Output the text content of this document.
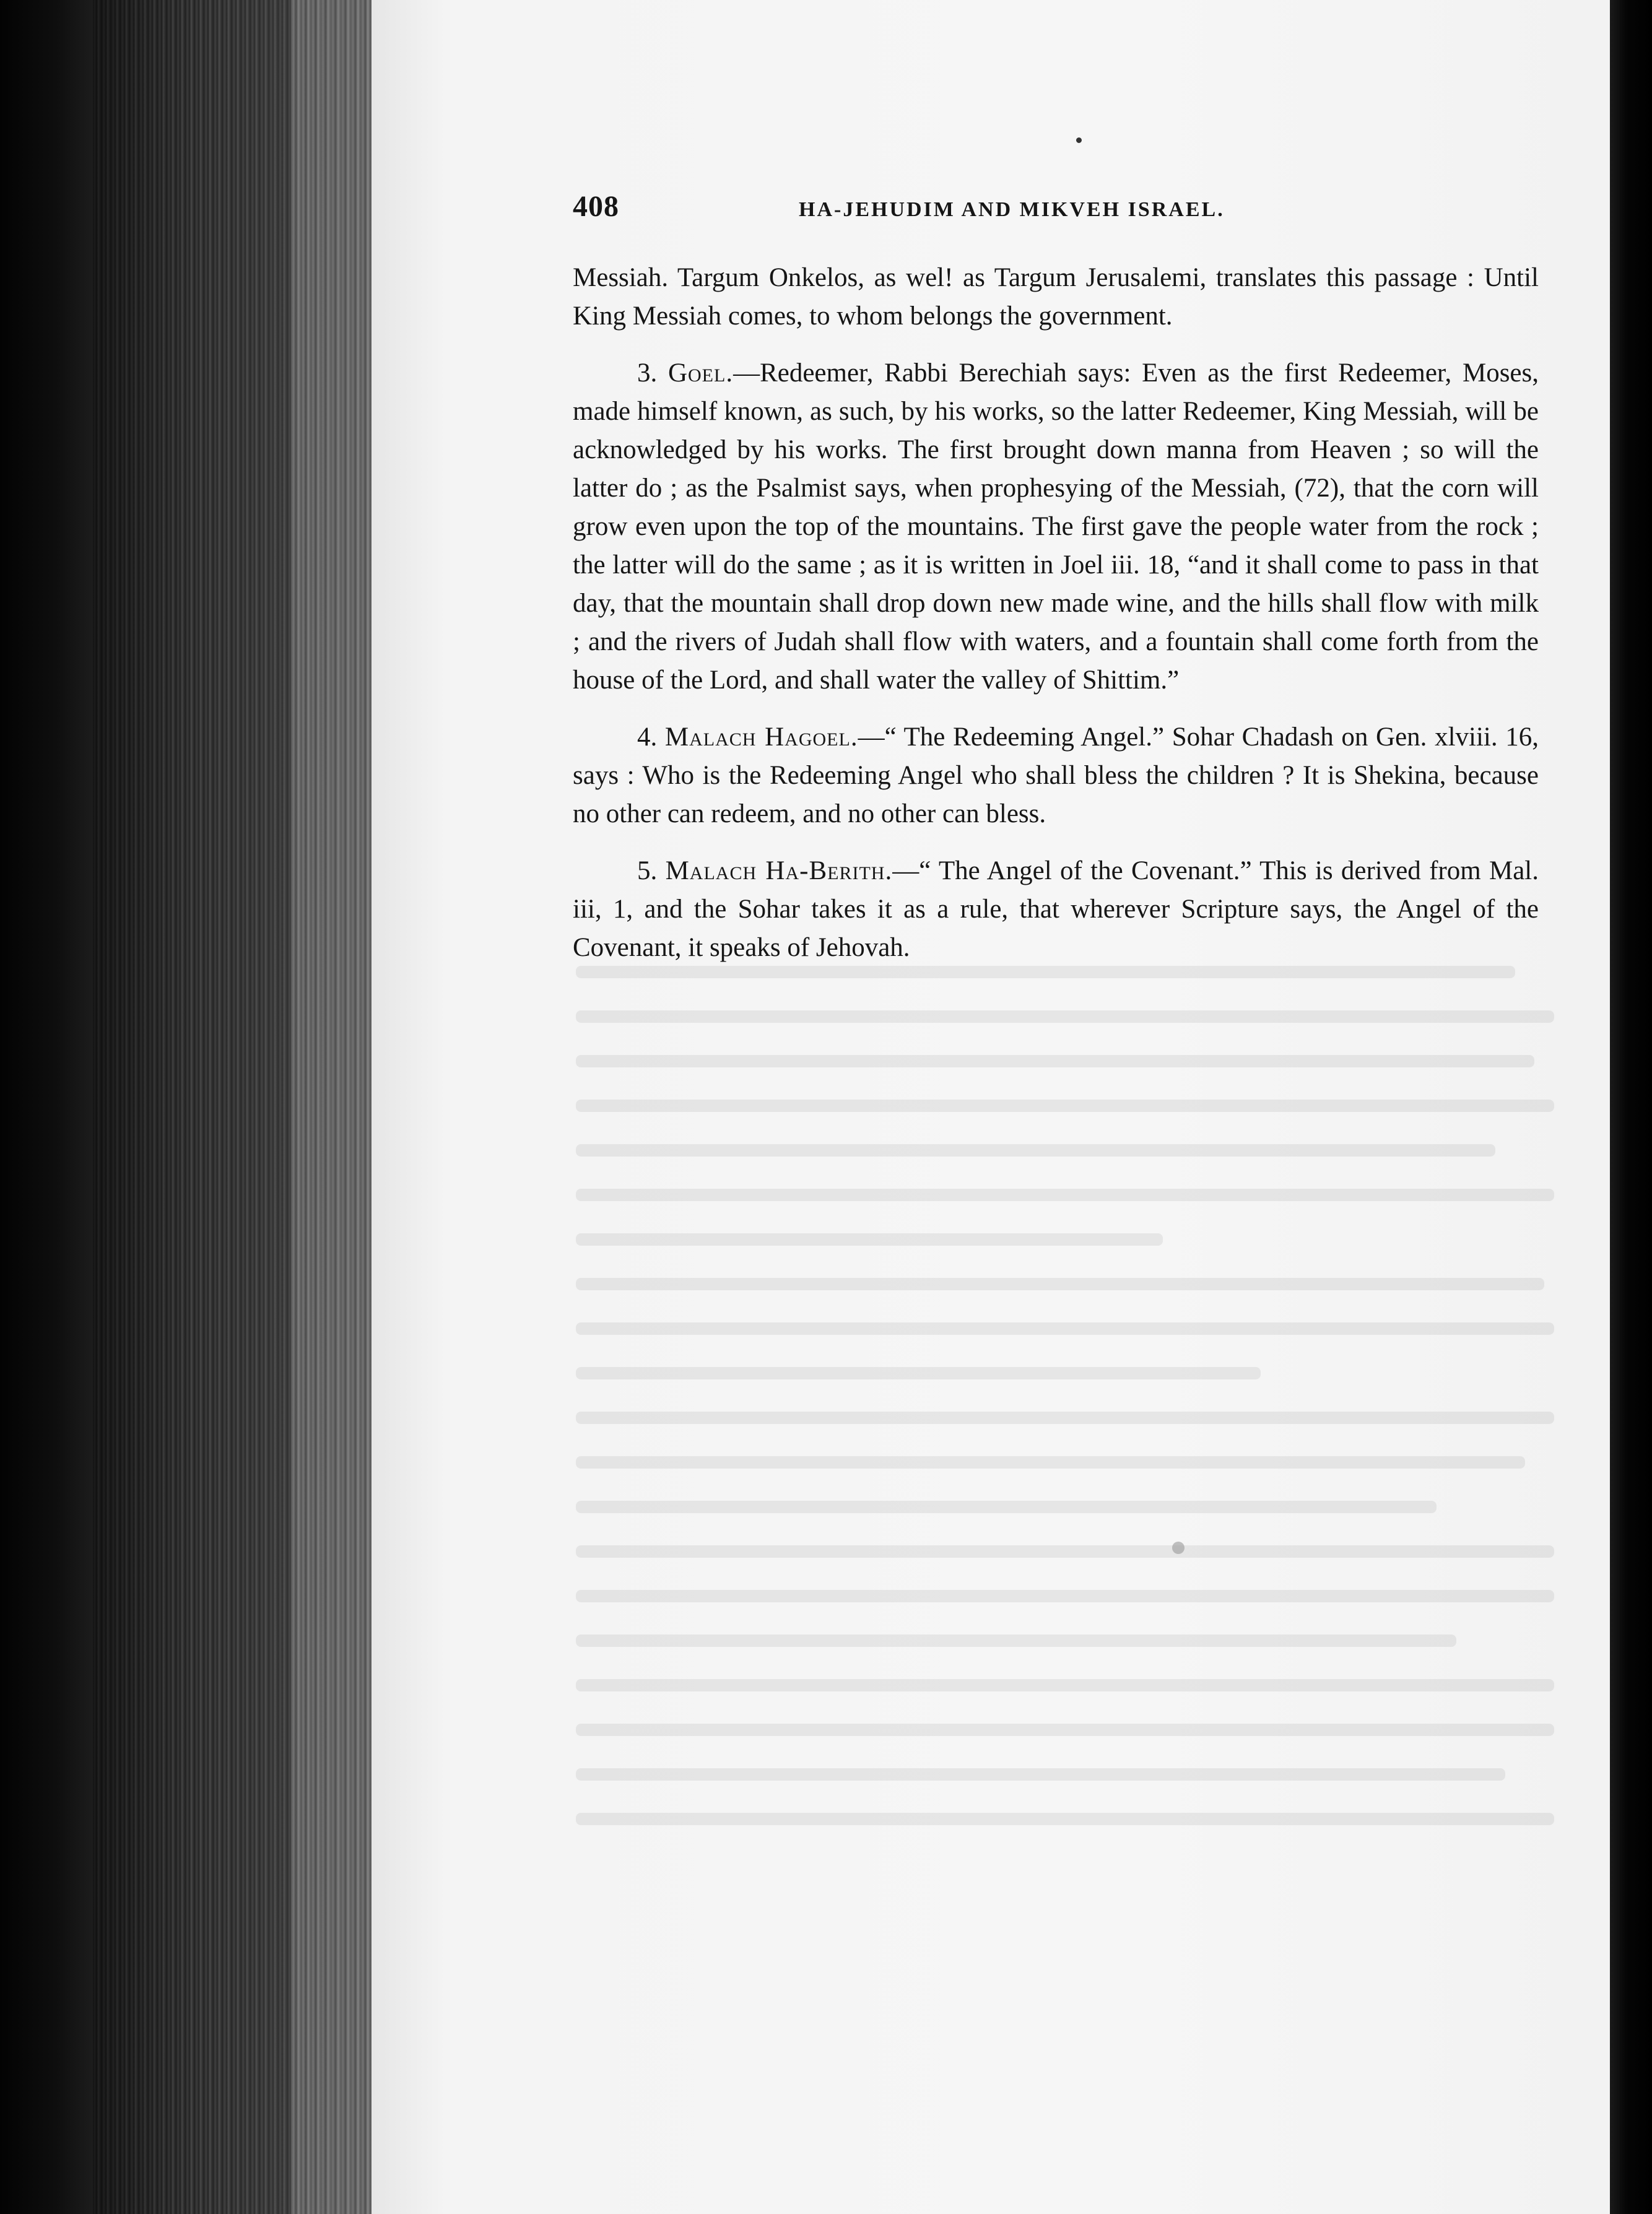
408	HA-JEHUDIM AND MIKVEH ISRAEL.

Messiah. Targum Onkelos, as wel! as Targum Jerusalemi, translates this passage : Until King Messiah comes, to whom belongs the government.

3. Goel.—Redeemer, Rabbi Berechiah says: Even as the first Redeemer, Moses, made himself known, as such, by his works, so the latter Redeemer, King Messiah, will be acknowledged by his works. The first brought down manna from Heaven ; so will the latter do ; as the Psalmist says, when prophesying of the Messiah, (72), that the corn will grow even upon the top of the mountains. The first gave the people water from the rock ; the latter will do the same ; as it is written in Joel iii. 18, “and it shall come to pass in that day, that the mountain shall drop down new made wine, and the hills shall flow with milk ; and the rivers of Judah shall flow with waters, and a fountain shall come forth from the house of the Lord, and shall water the valley of Shittim.”

4. Malach Hagoel.—“ The Redeeming Angel.” Sohar Chadash on Gen. xlviii. 16, says : Who is the Redeeming Angel who shall bless the children ? It is Shekina, because no other can redeem, and no other can bless.

5. Malach Ha-Berith.—“ The Angel of the Covenant.” This is derived from Mal. iii, 1, and the Sohar takes it as a rule, that wherever Scripture says, the Angel of the Covenant, it speaks of Jehovah.
